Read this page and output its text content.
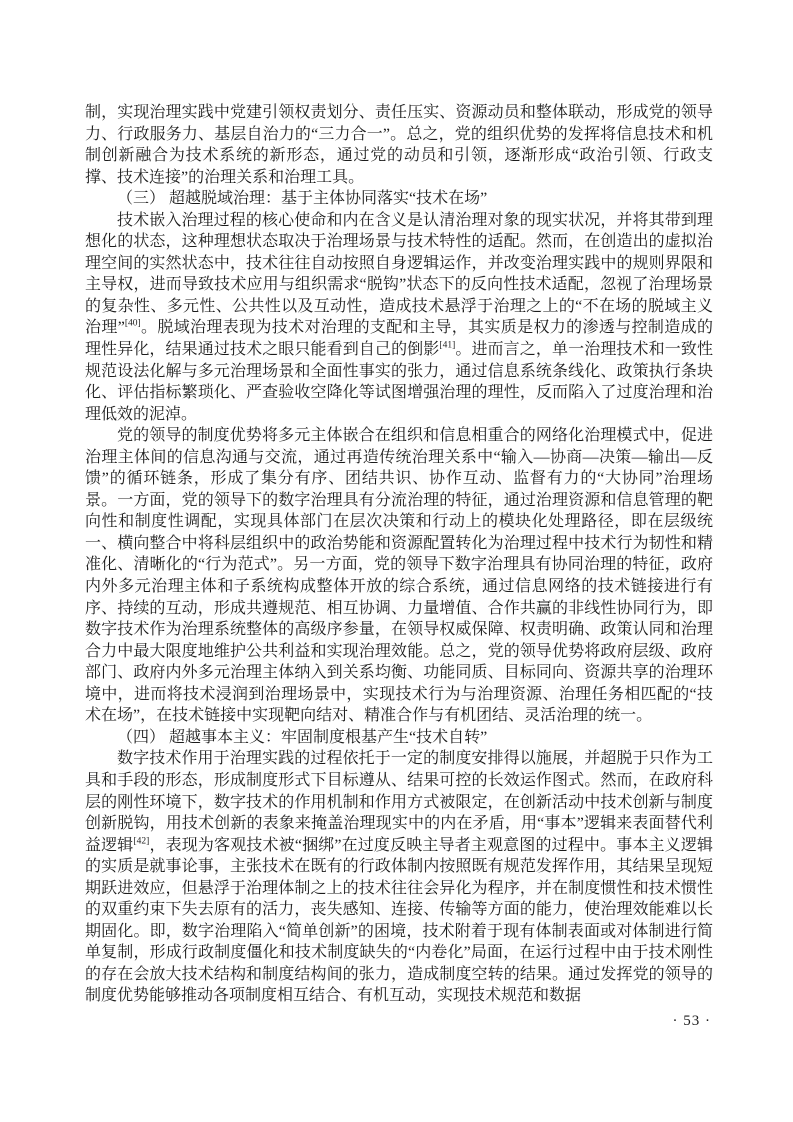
制，实现治理实践中党建引领权责划分、责任压实、资源动员和整体联动，形成党的领导力、行政服务力、基层自治力的“三力合一”。总之，党的组织优势的发挥将信息技术和机制创新融合为技术系统的新形态，通过党的动员和引领，逐渐形成“政治引领、行政支撑、技术连接”的治理关系和治理工具。

（三） 超越脱域治理：基于主体协同落实“技术在场”

技术嵌入治理过程的核心使命和内在含义是认清治理对象的现实状况，并将其带到理想化的状态，这种理想状态取决于治理场景与技术特性的适配。然而，在创造出的虚拟治理空间的实然状态中，技术往往自动按照自身逻辑运作，并改变治理实践中的规则界限和主导权，进而导致技术应用与组织需求“脱钩”状态下的反向性技术适配，忽视了治理场景的复杂性、多元性、公共性以及互动性，造成技术悬浮于治理之上的“不在场的脱域主义治理”[40]。脱域治理表现为技术对治理的支配和主导，其实质是权力的渗透与控制造成的理性异化，结果通过技术之眼只能看到自己的倒影[41]。进而言之，单一治理技术和一致性规范设法化解与多元治理场景和全面性事实的张力，通过信息系统条线化、政策执行条块化、评估指标繁琐化、严查验收空降化等试图增强治理的理性，反而陷入了过度治理和治理低效的泥淖。

党的领导的制度优势将多元主体嵌合在组织和信息相重合的网络化治理模式中，促进治理主体间的信息沟通与交流，通过再造传统治理关系中“输入—协商—决策—输出—反馈”的循环链条，形成了集分有序、团结共识、协作互动、监督有力的“大协同”治理场景。一方面，党的领导下的数字治理具有分流治理的特征，通过治理资源和信息管理的靶向性和制度性调配，实现具体部门在层次决策和行动上的模块化处理路径，即在层级统一、横向整合中将科层组织中的政治势能和资源配置转化为治理过程中技术行为韧性和精准化、清晰化的“行为范式”。另一方面，党的领导下数字治理具有协同治理的特征，政府内外多元治理主体和子系统构成整体开放的综合系统，通过信息网络的技术链接进行有序、持续的互动，形成共遵规范、相互协调、力量增值、合作共赢的非线性协同行为，即数字技术作为治理系统整体的高级序参量，在领导权威保障、权责明确、政策认同和治理合力中最大限度地维护公共利益和实现治理效能。总之，党的领导优势将政府层级、政府部门、政府内外多元治理主体纳入到关系均衡、功能同质、目标同向、资源共享的治理环境中，进而将技术浸润到治理场景中，实现技术行为与治理资源、治理任务相匹配的“技术在场”，在技术链接中实现靶向结对、精准合作与有机团结、灵活治理的统一。

（四） 超越事本主义：牢固制度根基产生“技术自转”

数字技术作用于治理实践的过程依托于一定的制度安排得以施展，并超脱于只作为工具和手段的形态，形成制度形式下目标遵从、结果可控的长效运作图式。然而，在政府科层的刚性环境下，数字技术的作用机制和作用方式被限定，在创新活动中技术创新与制度创新脱钩，用技术创新的表象来掩盖治理现实中的内在矛盾，用“事本”逻辑来表面替代利益逻辑[42]，表现为客观技术被“捆绑”在过度反映主导者主观意图的过程中。事本主义逻辑的实质是就事论事，主张技术在既有的行政体制内按照既有规范发挥作用，其结果呈现短期跃进效应，但悬浮于治理体制之上的技术往往会异化为程序，并在制度惯性和技术惯性的双重约束下失去原有的活力，丧失感知、连接、传输等方面的能力，使治理效能难以长期固化。即，数字治理陷入“简单创新”的困境，技术附着于现有体制表面或对体制进行简单复制，形成行政制度僵化和技术制度缺失的“内卷化”局面，在运行过程中由于技术刚性的存在会放大技术结构和制度结构间的张力，造成制度空转的结果。通过发挥党的领导的制度优势能够推动各项制度相互结合、有机互动，实现技术规范和数据

· 53 ·
